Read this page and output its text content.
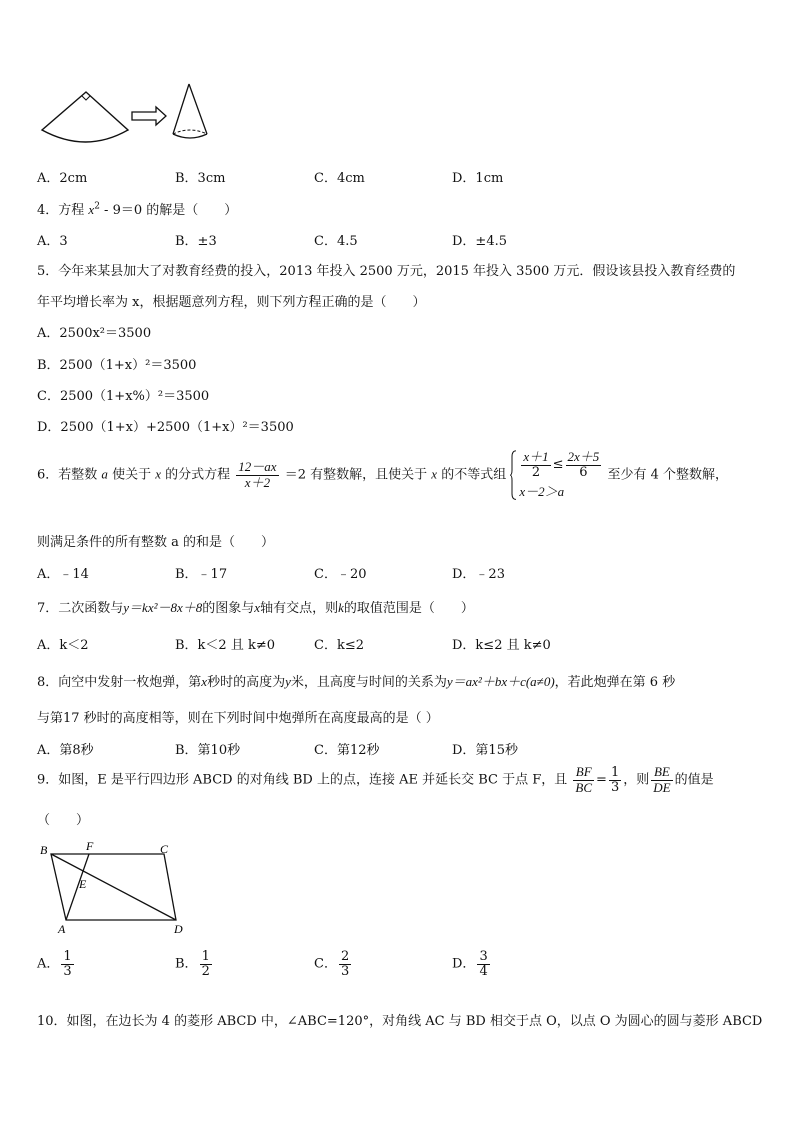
A．2cm	B．3cm	C．4cm	D．1cm
4．方程 $x^2 - 9=0$ 的解是（　　）
A．3	B．±3	C．4.5	D．±4.5
5．今年来某县加大了对教育经费的投入，2013 年投入 2500 万元，2015 年投入 3500 万元．假设该县投入教育经费的
年平均增长率为 x，根据题意列方程，则下列方程正确的是（　　）
A．2500x²＝3500
B．2500（1+x）²＝3500
C．2500（1+x%）²＝3500
D．2500（1+x）+2500（1+x）²＝3500
6．若整数 a 使关于 x 的分式方程 $\frac{12-ax}{x+2} =2$ 有整数解，且使关于 x 的不等式组 $\frac{x+1}{2} \le \frac{2x+5}{6}$
x－2＞a
至少有 4 个整数解，
则满足条件的所有整数 a 的和是（　　）
A．﹣14	B．﹣17	C．﹣20	D．﹣23
7．二次函数与y＝kx²－8x＋8的图象与x轴有交点，则k的取值范围是（　　）
A．k＜2	B．k＜2 且 k≠0	C．k≤2	D．k≤2 且 k≠0
8．向空中发射一枚炮弹，第x秒时的高度为y米，且高度与时间的关系为y＝ax²＋bx＋c(a≠0)，若此炮弹在第 6 秒
与第17 秒时的高度相等，则在下列时间中炮弹所在高度最高的是（ ）
A．第8秒	B．第10秒	C．第12秒	D．第15秒
9．如图，E 是平行四边形 ABCD 的对角线 BD 上的点，连接 AE 并延长交 BC 于点 F，且 $\frac{BF}{BC} = \frac{1}{3}$ ，则 $\frac{BE}{DE}$ 的值是
（　　）
B	F	C
E
A	D
A． $\frac{1}{3}$	B． $\frac{1}{2}$	C． $\frac{2}{3}$	D． $\frac{3}{4}$
10．如图，在边长为 4 的菱形 ABCD 中，∠ABC=120°，对角线 AC 与 BD 相交于点 O，以点 O 为圆心的圆与菱形 ABCD
